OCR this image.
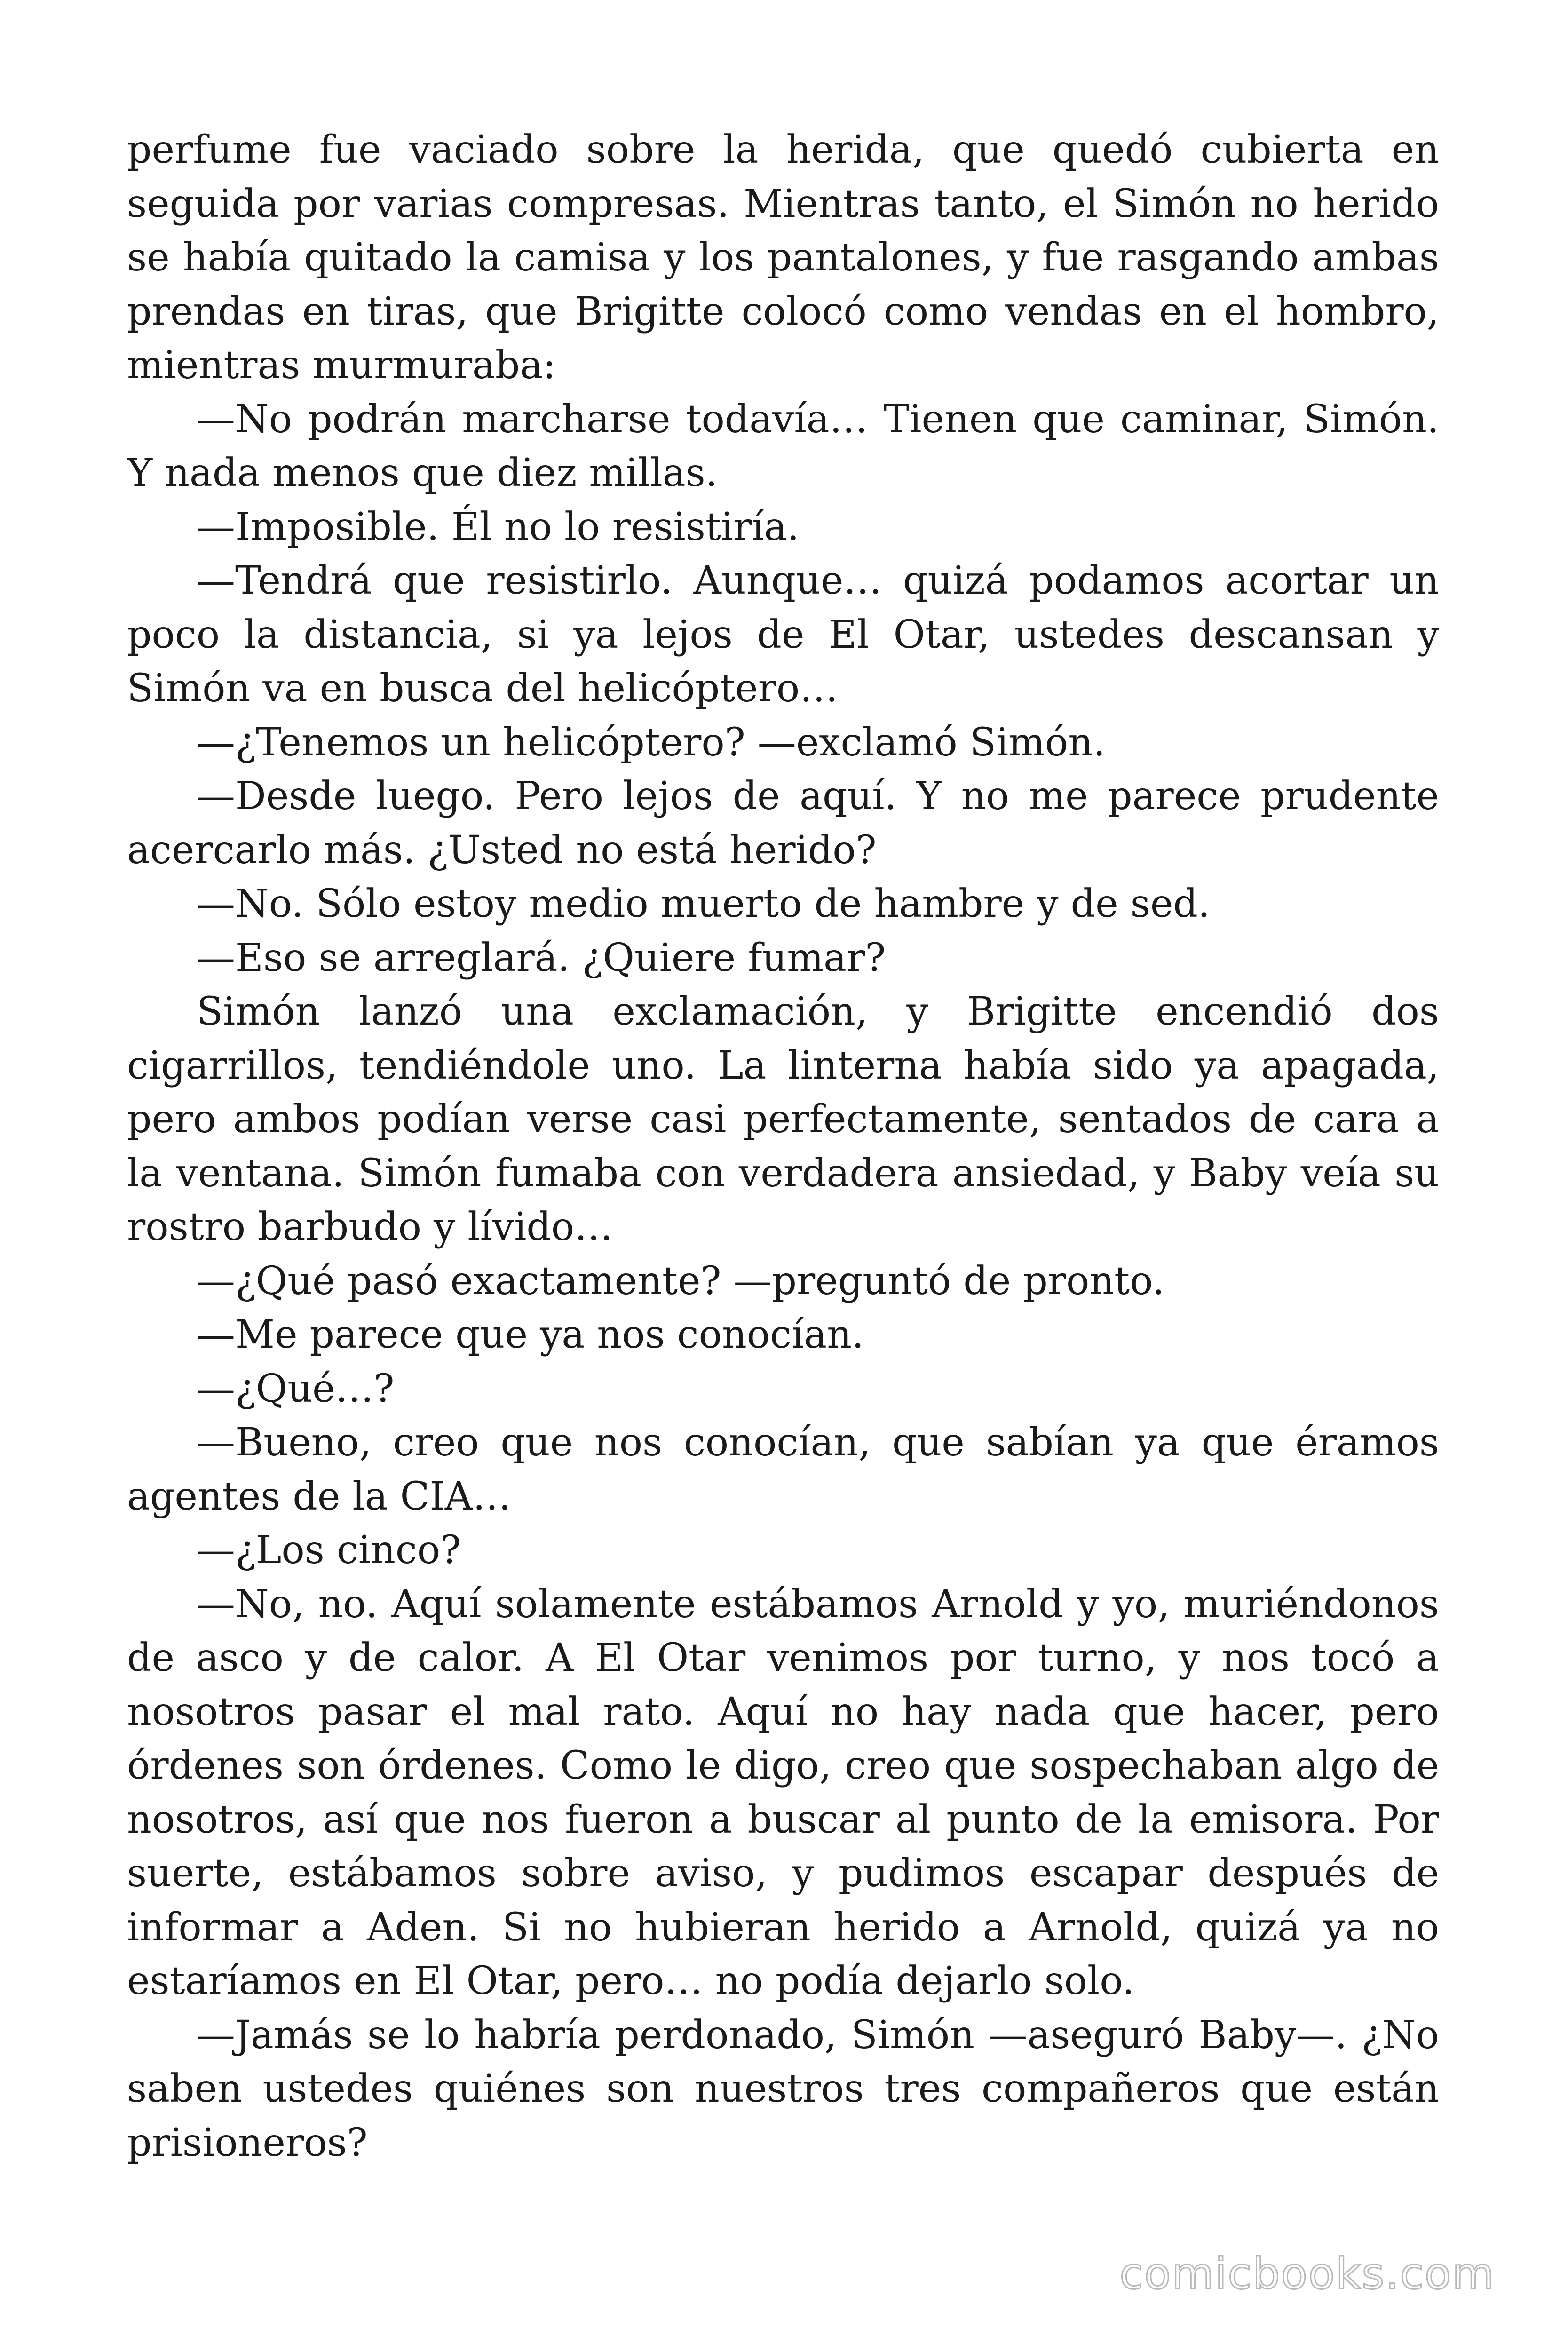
perfume fue vaciado sobre la herida, que quedó cubierta en seguida por varias compresas. Mientras tanto, el Simón no herido se había quitado la camisa y los pantalones, y fue rasgando ambas prendas en tiras, que Brigitte colocó como vendas en el hombro, mientras murmuraba:

—No podrán marcharse todavía… Tienen que caminar, Simón. Y nada menos que diez millas.

—Imposible. Él no lo resistiría.

—Tendrá que resistirlo. Aunque… quizá podamos acortar un poco la distancia, si ya lejos de El Otar, ustedes descansan y Simón va en busca del helicóptero…

—¿Tenemos un helicóptero? —exclamó Simón.

—Desde luego. Pero lejos de aquí. Y no me parece prudente acercarlo más. ¿Usted no está herido?

—No. Sólo estoy medio muerto de hambre y de sed.

—Eso se arreglará. ¿Quiere fumar?

Simón lanzó una exclamación, y Brigitte encendió dos cigarrillos, tendiéndole uno. La linterna había sido ya apagada, pero ambos podían verse casi perfectamente, sentados de cara a la ventana. Simón fumaba con verdadera ansiedad, y Baby veía su rostro barbudo y lívido…

—¿Qué pasó exactamente? —preguntó de pronto.

—Me parece que ya nos conocían.

—¿Qué…?

—Bueno, creo que nos conocían, que sabían ya que éramos agentes de la CIA…

—¿Los cinco?

—No, no. Aquí solamente estábamos Arnold y yo, muriéndonos de asco y de calor. A El Otar venimos por turno, y nos tocó a nosotros pasar el mal rato. Aquí no hay nada que hacer, pero órdenes son órdenes. Como le digo, creo que sospechaban algo de nosotros, así que nos fueron a buscar al punto de la emisora. Por suerte, estábamos sobre aviso, y pudimos escapar después de informar a Aden. Si no hubieran herido a Arnold, quizá ya no estaríamos en El Otar, pero… no podía dejarlo solo.

—Jamás se lo habría perdonado, Simón —aseguró Baby—. ¿No saben ustedes quiénes son nuestros tres compañeros que están prisioneros?

comicbooks.com
